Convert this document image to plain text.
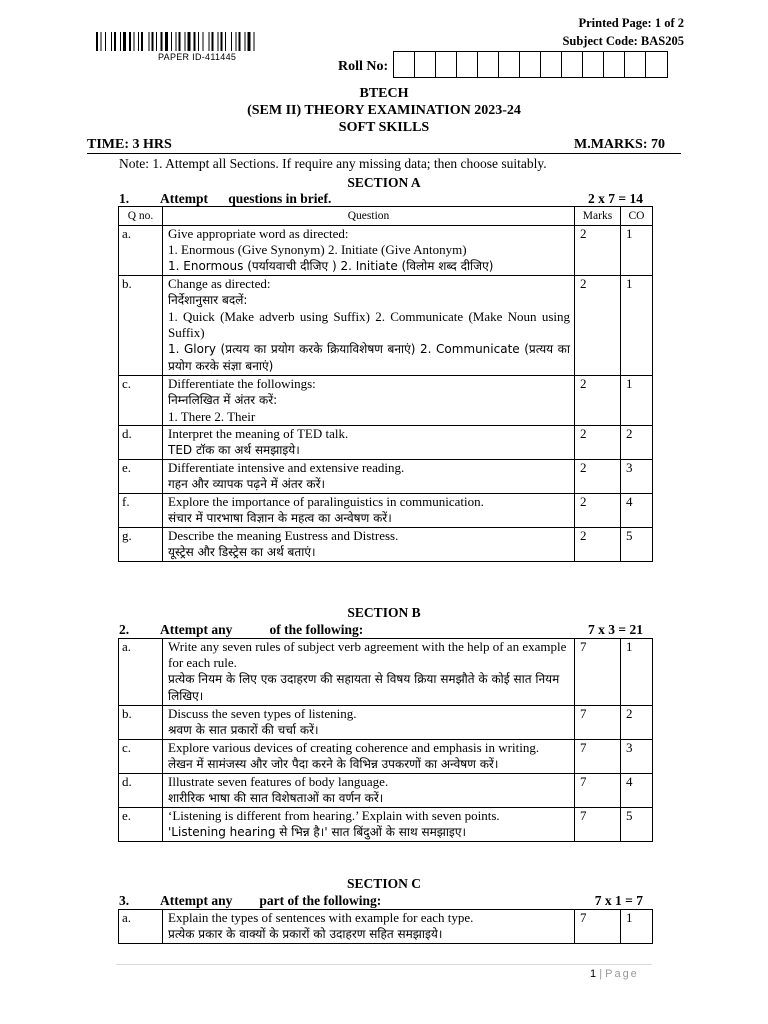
PAPER ID-411445
Printed Page: 1 of 2
Subject Code: BAS205
Roll No:
BTECH
(SEM II) THEORY EXAMINATION 2023-24
SOFT SKILLS
TIME: 3 HRS	M.MARKS: 70
Note: 1. Attempt all Sections. If require any missing data; then choose suitably.
SECTION A
1. Attempt      questions in brief.	2 x 7 = 14
Q no.	Question	Marks	CO
a.	Give appropriate word as directed:
1. Enormous (Give Synonym) 2. Initiate (Give Antonym)
1. Enormous (पर्यायवाची दीजिए ) 2. Initiate (विलोम शब्द दीजिए)	2	1
b.	Change as directed:
निर्देशानुसार बदलें:
1. Quick (Make adverb using Suffix) 2. Communicate (Make Noun using Suffix)
1. Glory (प्रत्यय का प्रयोग करके क्रियाविशेषण बनाएं) 2. Communicate (प्रत्यय का प्रयोग करके संज्ञा बनाएं)	2	1
c.	Differentiate the followings:
निम्नलिखित में अंतर करें:
1. There 2. Their	2	1
d.	Interpret the meaning of TED talk.
TED टॉक का अर्थ समझाइये।	2	2
e.	Differentiate intensive and extensive reading.
गहन और व्यापक पढ़ने में अंतर करें।	2	3
f.	Explore the importance of paralinguistics in communication.
संचार में पारभाषा विज्ञान के महत्व का अन्वेषण करें।	2	4
g.	Describe the meaning Eustress and Distress.
यूस्ट्रेस और डिस्ट्रेस का अर्थ बताएं।	2	5
SECTION B
2. Attempt any           of the following:	7 x 3 = 21
a.	Write any seven rules of subject verb agreement with the help of an example for each rule.
प्रत्येक नियम के लिए एक उदाहरण की सहायता से विषय क्रिया समझौते के कोई सात नियम लिखिए।	7	1
b.	Discuss the seven types of listening.
श्रवण के सात प्रकारों की चर्चा करें।	7	2
c.	Explore various devices of creating coherence and emphasis in writing.
लेखन में सामंजस्य और जोर पैदा करने के विभिन्न उपकरणों का अन्वेषण करें।	7	3
d.	Illustrate seven features of body language.
शारीरिक भाषा की सात विशेषताओं का वर्णन करें।	7	4
e.	‘Listening is different from hearing.’ Explain with seven points.
'Listening hearing से भिन्न है।' सात बिंदुओं के साथ समझाइए।	7	5
SECTION C
3. Attempt any        part of the following:	7 x 1 = 7
a.	Explain the types of sentences with example for each type.
प्रत्येक प्रकार के वाक्यों के प्रकारों को उदाहरण सहित समझाइये।
	7	1
1 | Page
